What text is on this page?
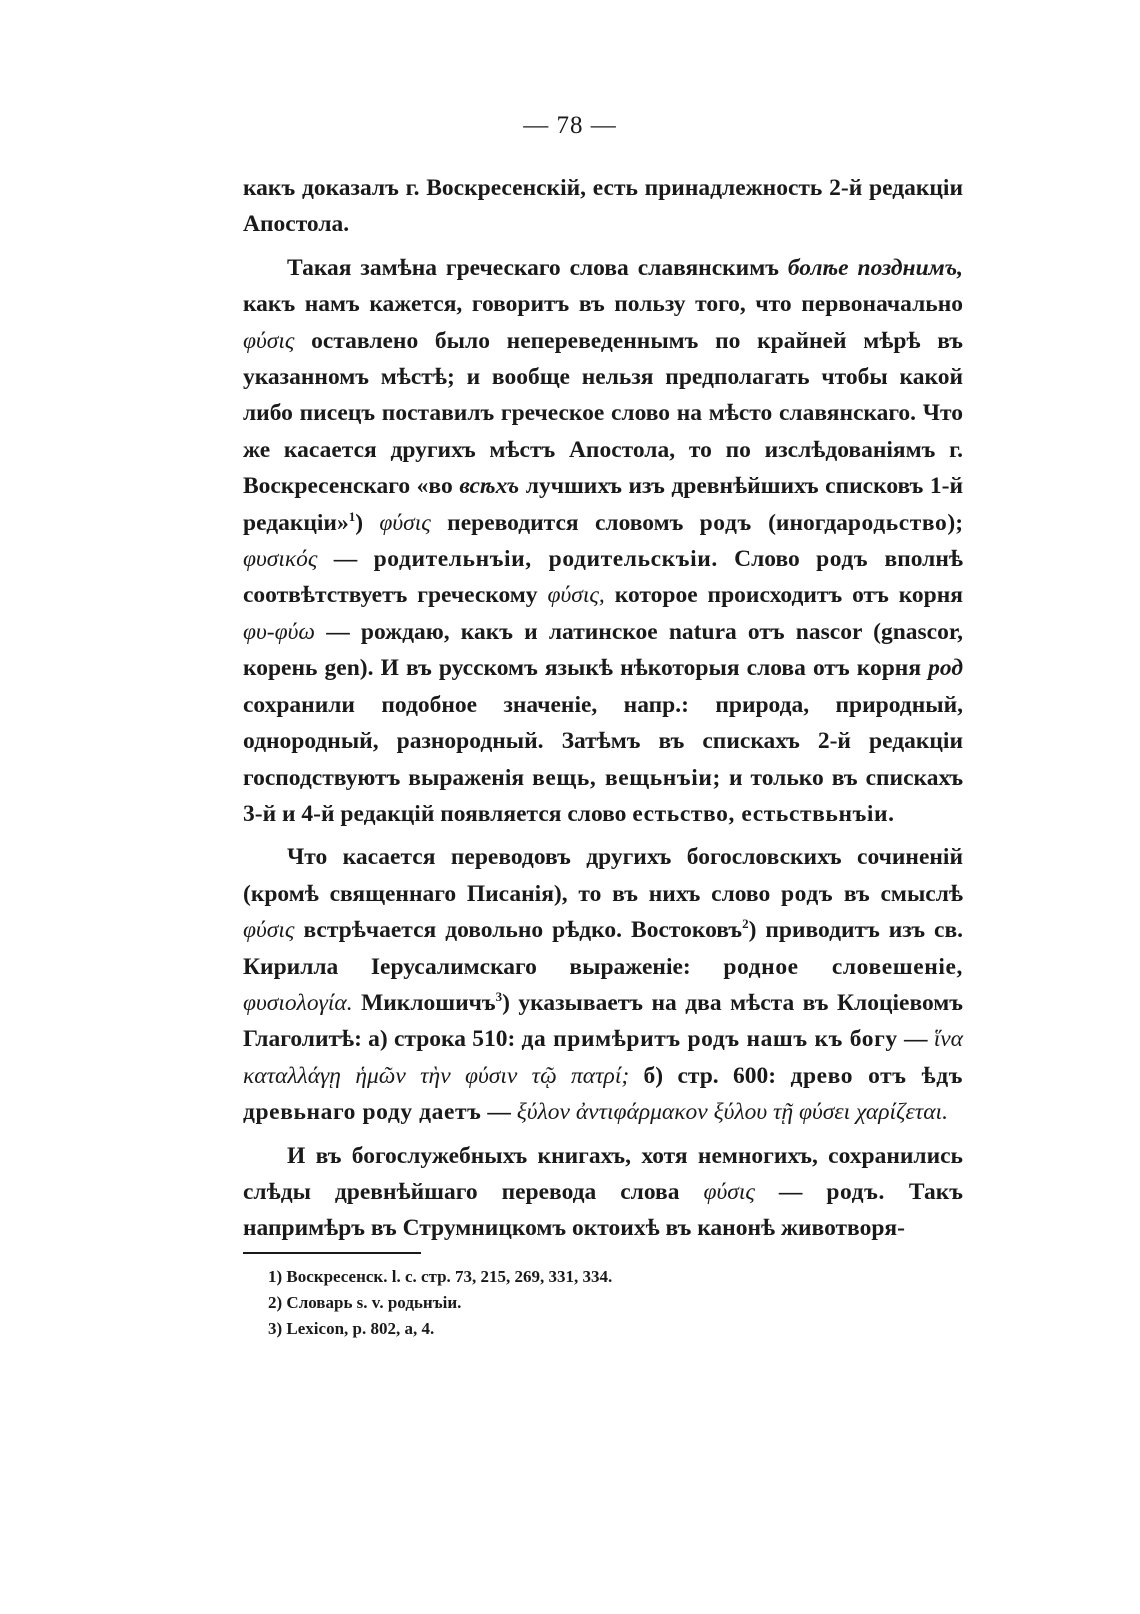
— 78 —

какъ доказалъ г. Воскресенскій, есть принадлежность 2-й редакціи Апостола.

Такая замѣна греческаго слова славянскимъ болѣе позднимъ, какъ намъ кажется, говоритъ въ пользу того, что первоначально φύσις оставлено было непереведеннымъ по крайней мѣрѣ въ указанномъ мѣстѣ; и вообще нельзя предполагать чтобы какой либо писецъ поставилъ греческое слово на мѣсто славянскаго. Что же касается другихъ мѣстъ Апостола, то по изслѣдованіямъ г. Воскресенскаго «во всѣхъ лучшихъ изъ древнѣйшихъ списковъ 1-й редакціи»$^1$) φύσις переводится словомъ родъ (иногдародьство); φυσικός — родительнъіи, родительскъіи. Слово родъ вполнѣ соотвѣтствуетъ греческому φύσις, которое происходитъ отъ корня φυ-φύω — рождаю, какъ и латинское natura отъ nascor (gnascor, корень gen). И въ русскомъ языкѣ нѣкоторыя слова отъ корня род сохранили подобное значеніе, напр.: природа, природный, однородный, разнородный. Затѣмъ въ спискахъ 2-й редакціи господствуютъ выраженія вещь, вещьнъіи; и только въ спискахъ 3-й и 4-й редакцій появляется слово естьство, естьствьнъіи.

Что касается переводовъ другихъ богословскихъ сочиненій (кромѣ священнаго Писанія), то въ нихъ слово родъ въ смыслѣ φύσις встрѣчается довольно рѣдко. Востоковъ$^2$) приводитъ изъ св. Кирилла Іерусалимскаго выраженіе: родное словешеніе, φυσιολογία. Миклошичъ$^3$) указываетъ на два мѣста въ Клоціевомъ Глаголитѣ: а) строка 510: да примѣритъ родъ нашъ къ богу — ἵνα καταλλάγῃ ἡμῶν τὴν φύσιν τῷ πατρί; б) стр. 600: древо отъ ѣдъ древьнаго роду даетъ — ξύλον ἀντιφάρμακον ξύλου τῇ φύσει χαρίζεται.

И въ богослужебныхъ книгахъ, хотя немногихъ, сохранились слѣды древнѣйшаго перевода слова φύσις — родъ. Такъ напримѣръ въ Струмницкомъ октоихѣ въ канонѣ животворя-

1) Воскресенск. l. c. стр. 73, 215, 269, 331, 334.
2) Словарь s. v. родьнъіи.
3) Lexicon, p. 802, a, 4.
